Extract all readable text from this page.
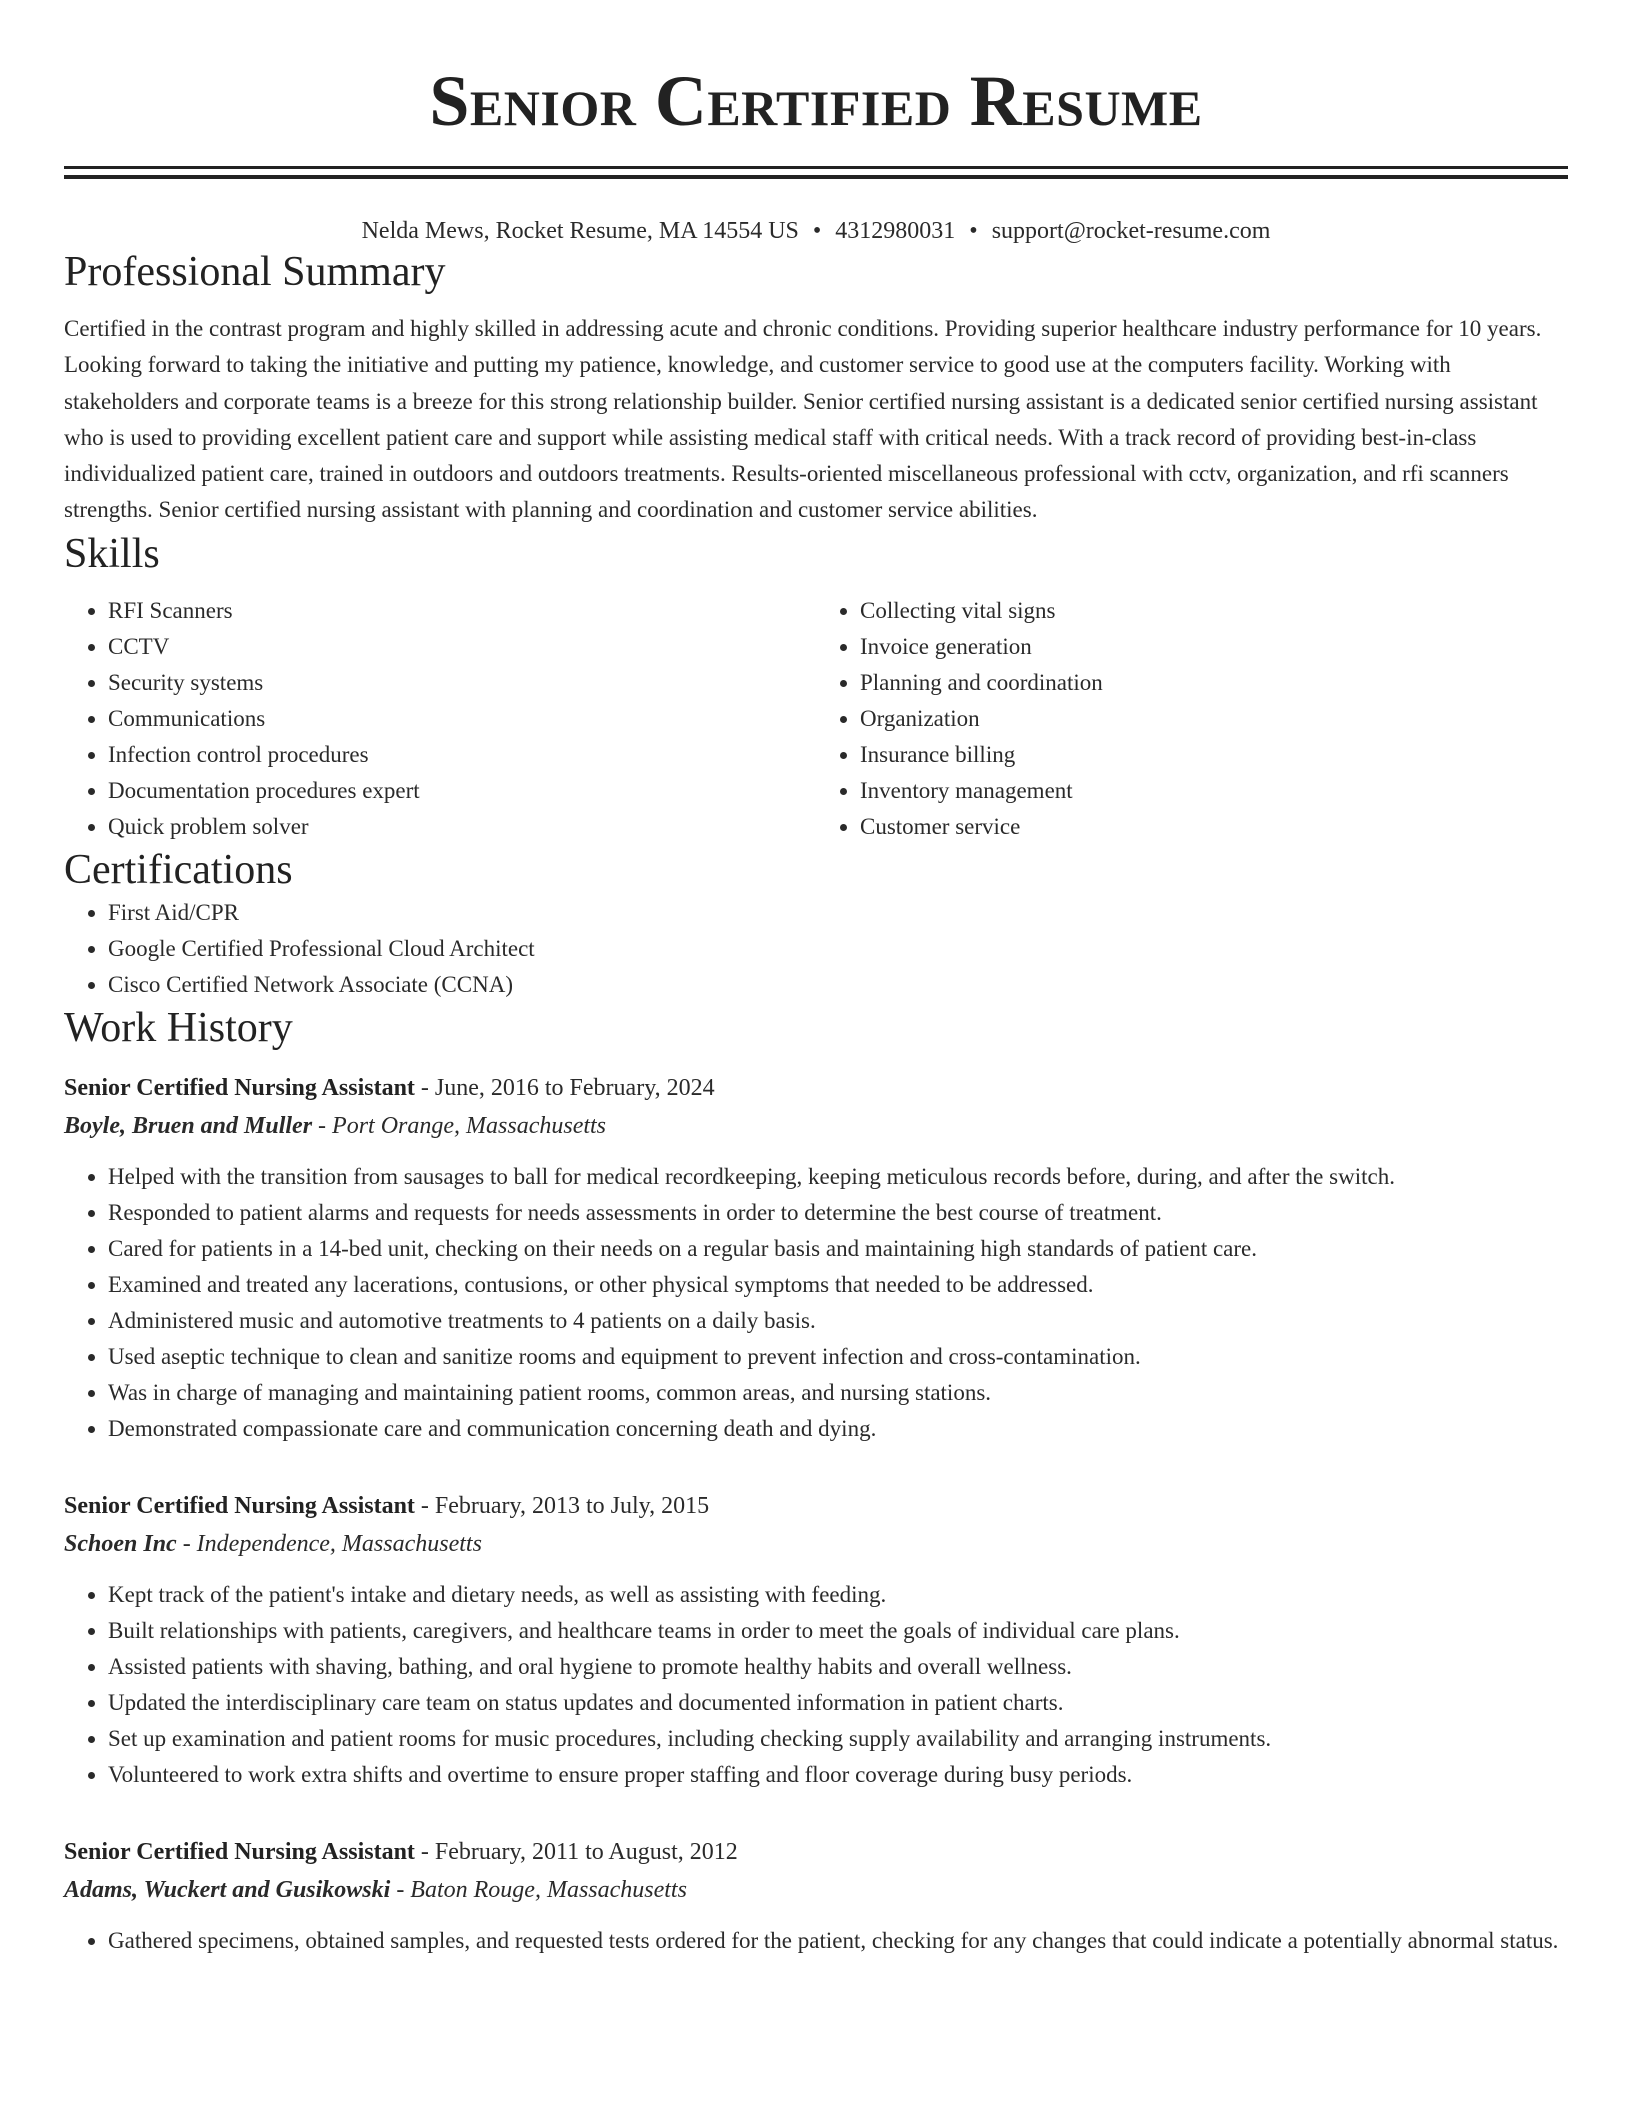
Senior Certified Resume
Nelda Mews, Rocket Resume, MA 14554 US • 4312980031 • support@rocket-resume.com
Professional Summary

Certified in the contrast program and highly skilled in addressing acute and chronic conditions. Providing superior healthcare industry performance for 10 years. Looking forward to taking the initiative and putting my patience, knowledge, and customer service to good use at the computers facility. Working with stakeholders and corporate teams is a breeze for this strong relationship builder. Senior certified nursing assistant is a dedicated senior certified nursing assistant who is used to providing excellent patient care and support while assisting medical staff with critical needs. With a track record of providing best-in-class individualized patient care, trained in outdoors and outdoors treatments. Results-oriented miscellaneous professional with cctv, organization, and rfi scanners strengths. Senior certified nursing assistant with planning and coordination and customer service abilities.

Skills
• RFI Scanners
• CCTV
• Security systems
• Communications
• Infection control procedures
• Documentation procedures expert
• Quick problem solver
• Collecting vital signs
• Invoice generation
• Planning and coordination
• Organization
• Insurance billing
• Inventory management
• Customer service
Certifications
• First Aid/CPR
• Google Certified Professional Cloud Architect
• Cisco Certified Network Associate (CCNA)
Work History
Senior Certified Nursing Assistant - June, 2016 to February, 2024
Boyle, Bruen and Muller - Port Orange, Massachusetts
• Helped with the transition from sausages to ball for medical recordkeeping, keeping meticulous records before, during, and after the switch.
• Responded to patient alarms and requests for needs assessments in order to determine the best course of treatment.
• Cared for patients in a 14-bed unit, checking on their needs on a regular basis and maintaining high standards of patient care.
• Examined and treated any lacerations, contusions, or other physical symptoms that needed to be addressed.
• Administered music and automotive treatments to 4 patients on a daily basis.
• Used aseptic technique to clean and sanitize rooms and equipment to prevent infection and cross-contamination.
• Was in charge of managing and maintaining patient rooms, common areas, and nursing stations.
• Demonstrated compassionate care and communication concerning death and dying.
Senior Certified Nursing Assistant - February, 2013 to July, 2015
Schoen Inc - Independence, Massachusetts
• Kept track of the patient's intake and dietary needs, as well as assisting with feeding.
• Built relationships with patients, caregivers, and healthcare teams in order to meet the goals of individual care plans.
• Assisted patients with shaving, bathing, and oral hygiene to promote healthy habits and overall wellness.
• Updated the interdisciplinary care team on status updates and documented information in patient charts.
• Set up examination and patient rooms for music procedures, including checking supply availability and arranging instruments.
• Volunteered to work extra shifts and overtime to ensure proper staffing and floor coverage during busy periods.
Senior Certified Nursing Assistant - February, 2011 to August, 2012
Adams, Wuckert and Gusikowski - Baton Rouge, Massachusetts
• Gathered specimens, obtained samples, and requested tests ordered for the patient, checking for any changes that could indicate a potentially abnormal status.
